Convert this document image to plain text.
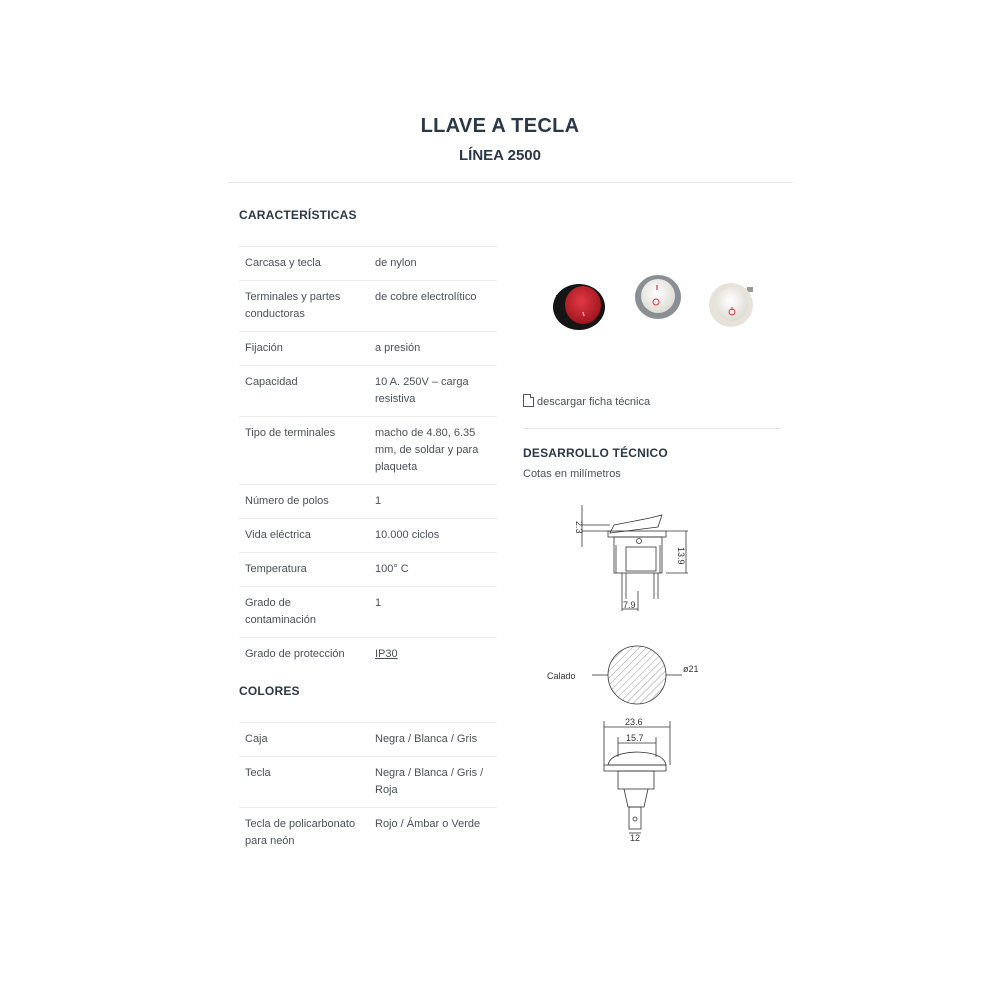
LLAVE A TECLA
LÍNEA 2500
CARACTERÍSTICAS
Carcasa y tecla	de nylon
Terminales y partes conductoras	de cobre electrolítico
Fijación	a presión
Capacidad	10 A. 250V – carga resistiva
Tipo de terminales	macho de 4.80, 6.35 mm, de soldar y para plaqueta
Número de polos	1
Vida eléctrica	10.000 ciclos
Temperatura	100° C
Grado de contaminación	1
Grado de protección	IP30
COLORES
Caja	Negra / Blanca / Gris
Tecla	Negra / Blanca / Gris / Roja
Tecla de policarbonato para neón	Rojo / Ámbar o Verde
descargar ficha técnica
DESARROLLO TÉCNICO
Cotas en milímetros
2.3
13.9
7.9
Calado
ø21
23.6
15.7
12
